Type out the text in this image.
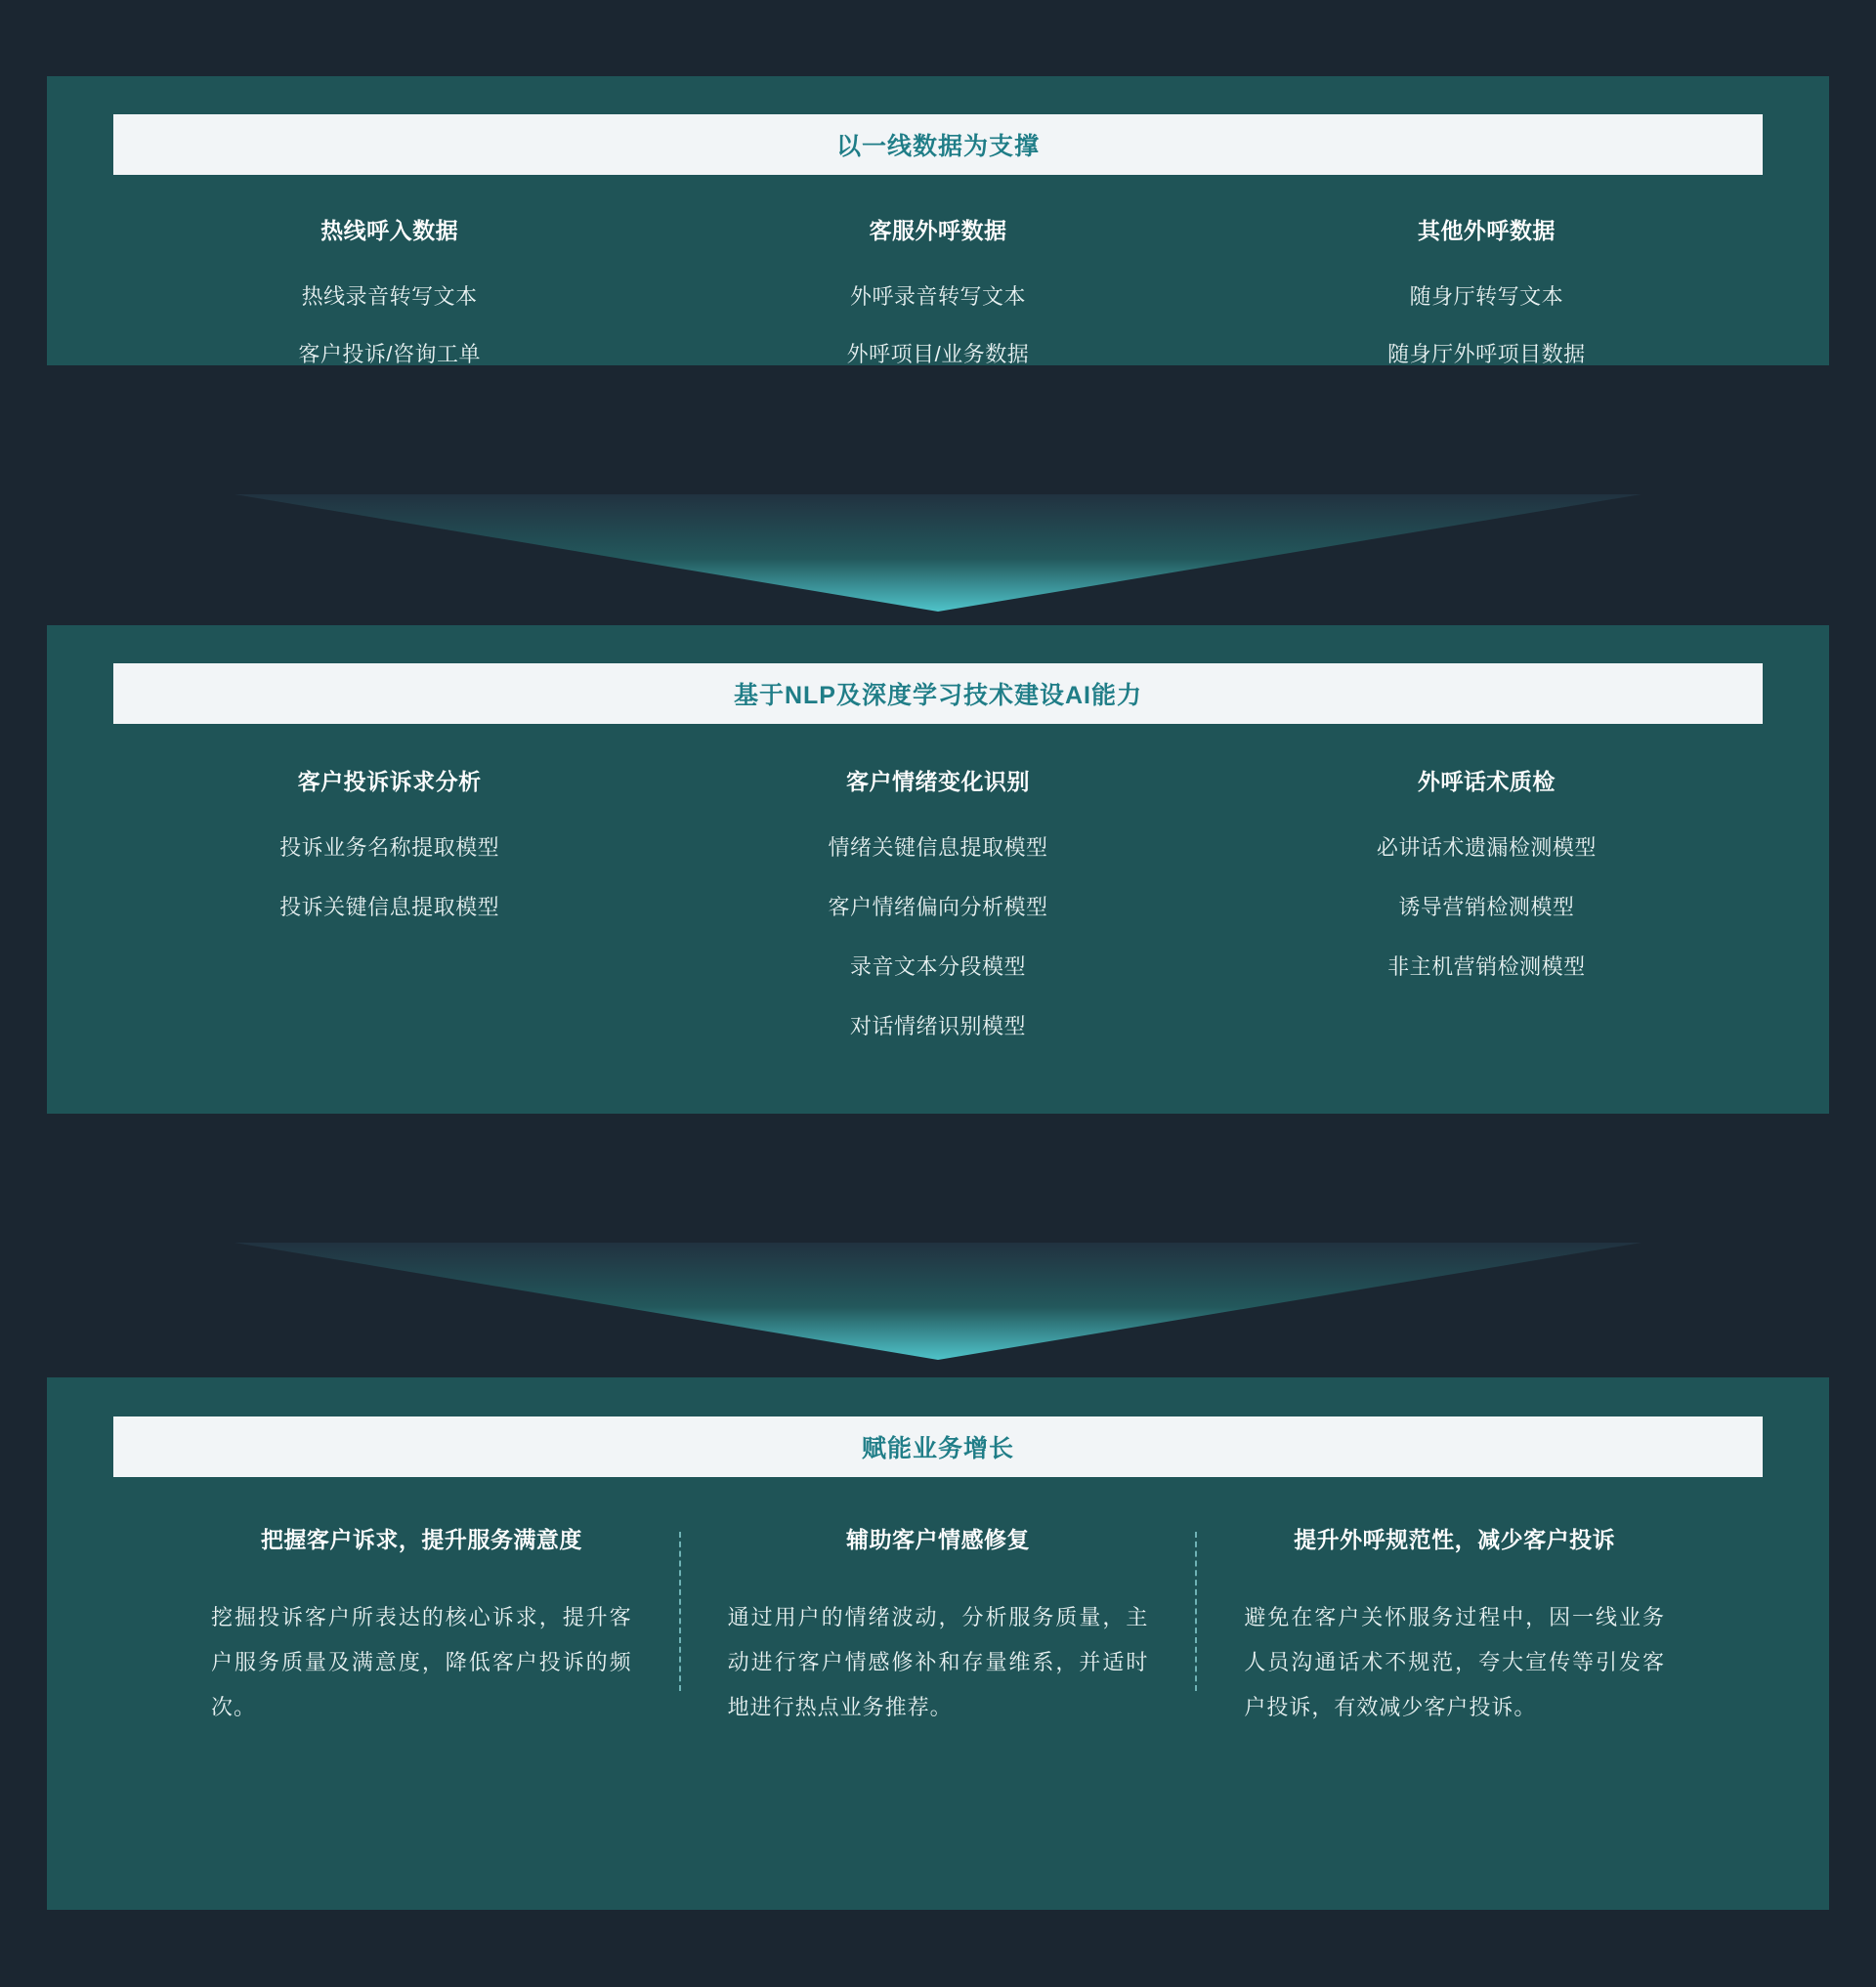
以一线数据为支撑
热线呼入数据
热线录音转写文本
客户投诉/咨询工单
客服外呼数据
外呼录音转写文本
外呼项目/业务数据
其他外呼数据
随身厅转写文本
随身厅外呼项目数据
基于NLP及深度学习技术建设AI能力
客户投诉诉求分析
投诉业务名称提取模型
投诉关键信息提取模型
客户情绪变化识别
情绪关键信息提取模型
客户情绪偏向分析模型
录音文本分段模型
对话情绪识别模型
外呼话术质检
必讲话术遗漏检测模型
诱导营销检测模型
非主机营销检测模型
赋能业务增长
把握客户诉求，提升服务满意度
挖掘投诉客户所表达的核心诉求，提升客户服务质量及满意度，降低客户投诉的频次。
辅助客户情感修复
通过用户的情绪波动，分析服务质量，主动进行客户情感修补和存量维系，并适时地进行热点业务推荐。
提升外呼规范性，减少客户投诉
避免在客户关怀服务过程中，因一线业务人员沟通话术不规范，夸大宣传等引发客户投诉，有效减少客户投诉。
